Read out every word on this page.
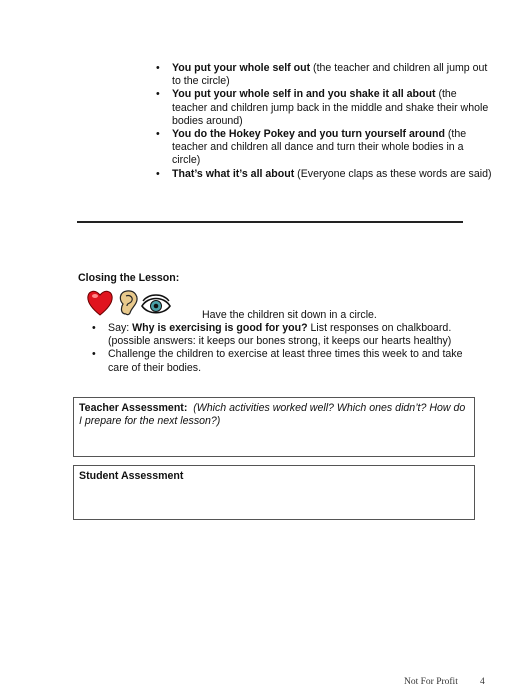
• You put your whole self out (the teacher and children all jump out to the circle)
• You put your whole self in and you shake it all about (the teacher and children jump back in the middle and shake their whole bodies around)
• You do the Hokey Pokey and you turn yourself around (the teacher and children all dance and turn their whole bodies in a circle)
• That’s what it’s all about (Everyone claps as these words are said)
Closing the Lesson:
Have the children sit down in a circle.
• Say: Why is exercising is good for you? List responses on chalkboard. (possible answers: it keeps our bones strong, it keeps our hearts healthy)
• Challenge the children to exercise at least three times this week to and take care of their bodies.
Teacher Assessment: (Which activities worked well? Which ones didn’t? How do I prepare for the next lesson?)
Student Assessment
Not For Profit 4
